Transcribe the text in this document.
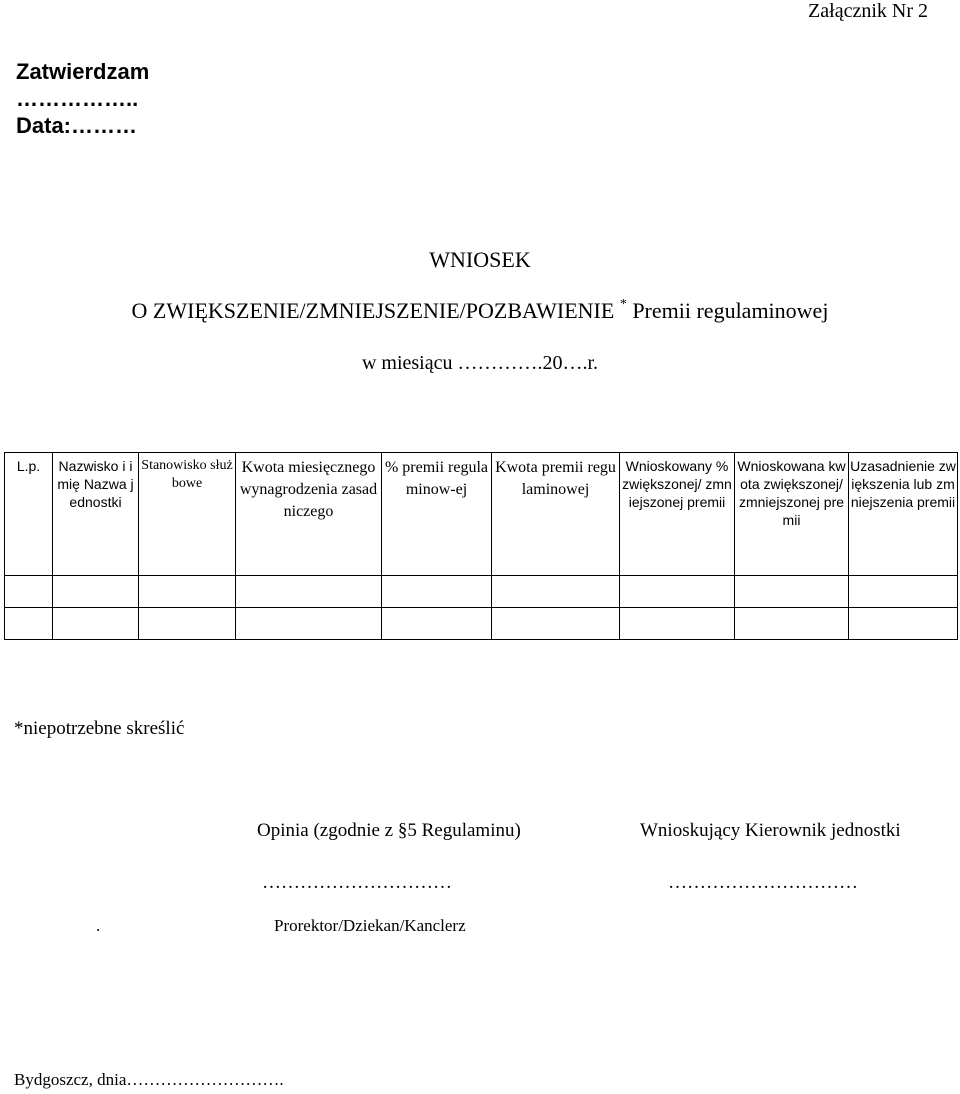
Załącznik Nr 2
Zatwierdzam
……………..
Data:………
WNIOSEK
O ZWIĘKSZENIE/ZMNIEJSZENIE/POZBAWIENIE * Premii regulaminowej
w miesiącu ………….20….r.
L.p.	Nazwisko i imię Nazwa jednostki	Stanowisko służbowe	Kwota miesięcznego wynagrodzenia zasadniczego	% premii regulaminow-ej	Kwota premii regulaminowej	Wnioskowany % zwiększonej/ zmniejszonej premii	Wnioskowana kwota zwiększonej/ zmniejszonej premii	Uzasadnienie zwiększenia lub zmniejszenia premii

*niepotrzebne skreślić
Opinia (zgodnie z §5 Regulaminu)	Wnioskujący Kierownik jednostki
…………………………	…………………………
.	Prorektor/Dziekan/Kanclerz
Bydgoszcz, dnia……………………….
